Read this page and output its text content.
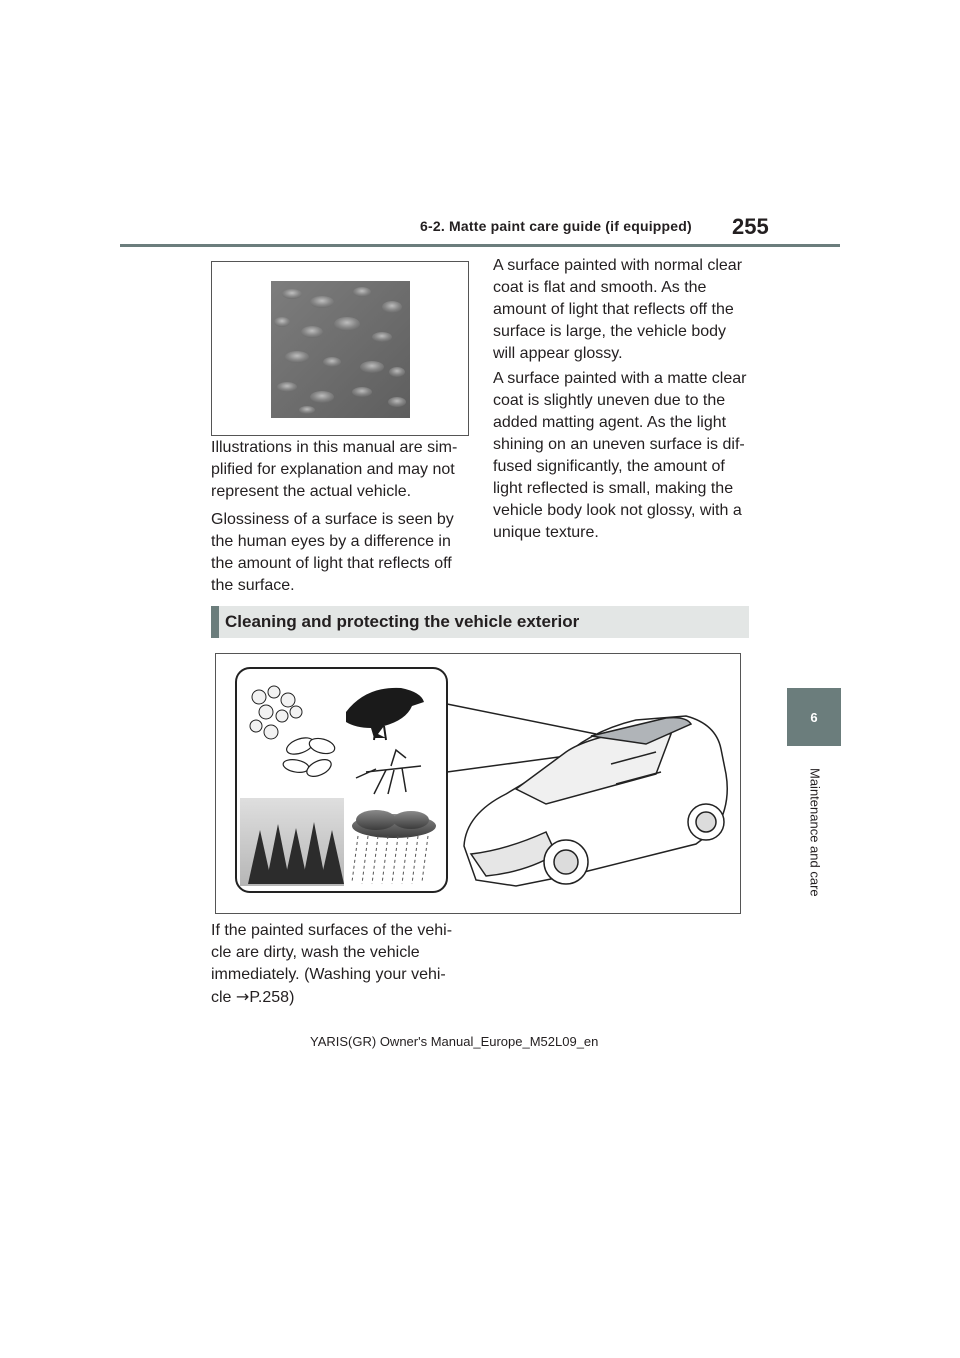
6-2. Matte paint care guide (if equipped) 255
6
Maintenance and care

Illustrations in this manual are sim-
plified for explanation and may not
represent the actual vehicle.

Glossiness of a surface is seen by
the human eyes by a difference in
the amount of light that reflects off
the surface.

A surface painted with normal clear
coat is flat and smooth. As the
amount of light that reflects off the
surface is large, the vehicle body
will appear glossy.

A surface painted with a matte clear
coat is slightly uneven due to the
added matting agent. As the light
shining on an uneven surface is dif-
fused significantly, the amount of
light reflected is small, making the
vehicle body look not glossy, with a
unique texture.

Cleaning and protecting the vehicle exterior

If the painted surfaces of the vehi-
cle are dirty, wash the vehicle
immediately. (Washing your vehi-
cle →P.258)

YARIS(GR) Owner's Manual_Europe_M52L09_en
